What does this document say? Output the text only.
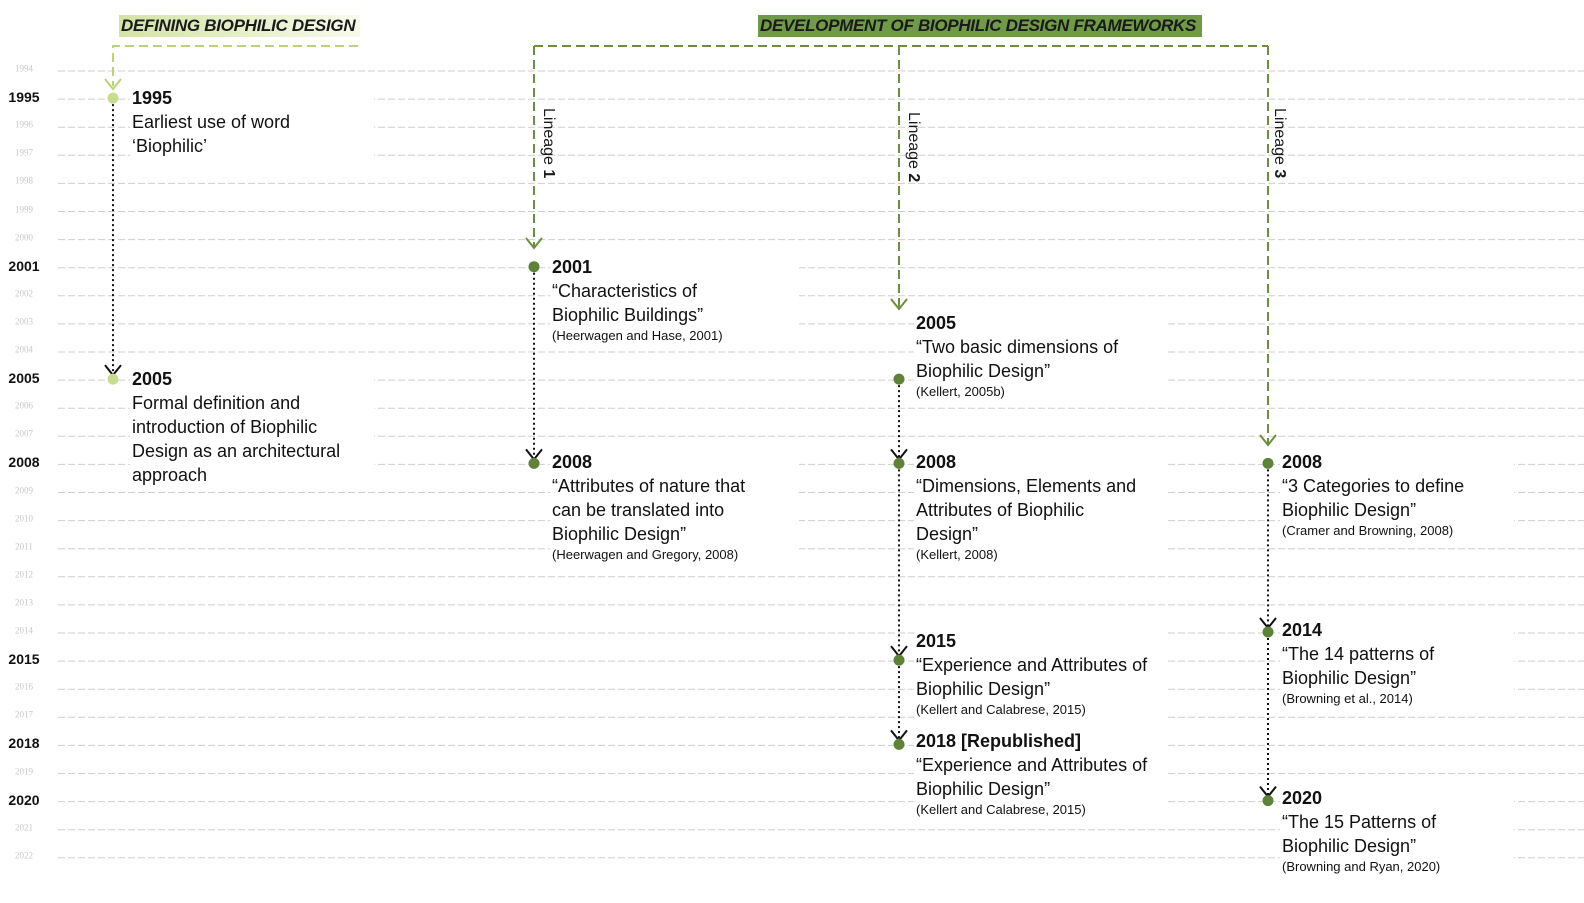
1994
1995
1996
1997
1998
1999
2000
2001
2002
2003
2004
2005
2006
2007
2008
2009
2010
2011
2012
2013
2014
2015
2016
2017
2018
2019
2020
2021
2022
DEFINING BIOPHILIC DESIGN	DEVELOPMENT OF BIOPHILIC DESIGN FRAMEWORKS
Lineage 1
Lineage 2
Lineage 3
1995
Earliest use of word ‘Biophilic’
2005
Formal definition and introduction of Biophilic Design as an architectural approach
2001
“Characteristics of Biophilic Buildings”
(Heerwagen and Hase, 2001)
2008
“Attributes of nature that can be translated into Biophilic Design”
(Heerwagen and Gregory, 2008)
2005
“Two basic dimensions of Biophilic Design”
(Kellert, 2005b)
2008
“Dimensions, Elements and Attributes of Biophilic Design”
(Kellert, 2008)
2015
“Experience and Attributes of Biophilic Design”
(Kellert and Calabrese, 2015)
2018 [Republished]
“Experience and Attributes of Biophilic Design”
(Kellert and Calabrese, 2015)
2008
“3 Categories to define Biophilic Design”
(Cramer and Browning, 2008)
2014
“The 14 patterns of Biophilic Design”
(Browning et al., 2014)
2020
“The 15 Patterns of Biophilic Design”
(Browning and Ryan, 2020)
